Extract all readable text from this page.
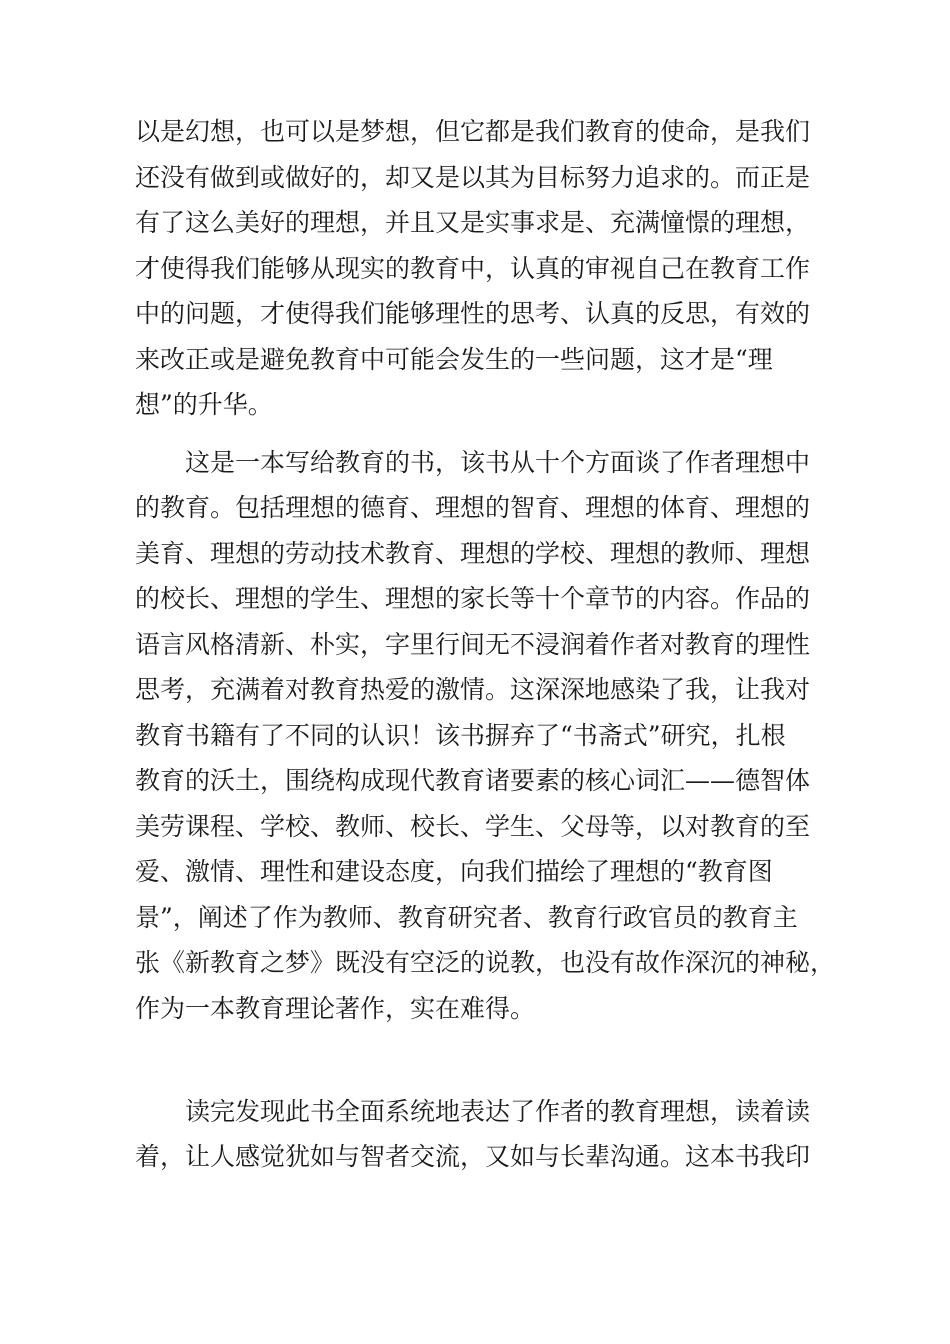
以是幻想，也可以是梦想，但它都是我们教育的使命，是我们
还没有做到或做好的，却又是以其为目标努力追求的。而正是
有了这么美好的理想，并且又是实事求是、充满憧憬的理想，
才使得我们能够从现实的教育中，认真的审视自己在教育工作
中的问题，才使得我们能够理性的思考、认真的反思，有效的
来改正或是避免教育中可能会发生的一些问题，这才是“理
想”的升华。
　　这是一本写给教育的书，该书从十个方面谈了作者理想中
的教育。包括理想的德育、理想的智育、理想的体育、理想的
美育、理想的劳动技术教育、理想的学校、理想的教师、理想
的校长、理想的学生、理想的家长等十个章节的内容。作品的
语言风格清新、朴实，字里行间无不浸润着作者对教育的理性
思考，充满着对教育热爱的激情。这深深地感染了我，让我对
教育书籍有了不同的认识！该书摒弃了“书斋式”研究，扎根
教育的沃土，围绕构成现代教育诸要素的核心词汇——德智体
美劳课程、学校、教师、校长、学生、父母等，以对教育的至
爱、激情、理性和建设态度，向我们描绘了理想的“教育图
景”，阐述了作为教师、教育研究者、教育行政官员的教育主
张《新教育之梦》既没有空泛的说教，也没有故作深沉的神秘，
作为一本教育理论著作，实在难得。
　　读完发现此书全面系统地表达了作者的教育理想，读着读
着，让人感觉犹如与智者交流，又如与长辈沟通。这本书我印
